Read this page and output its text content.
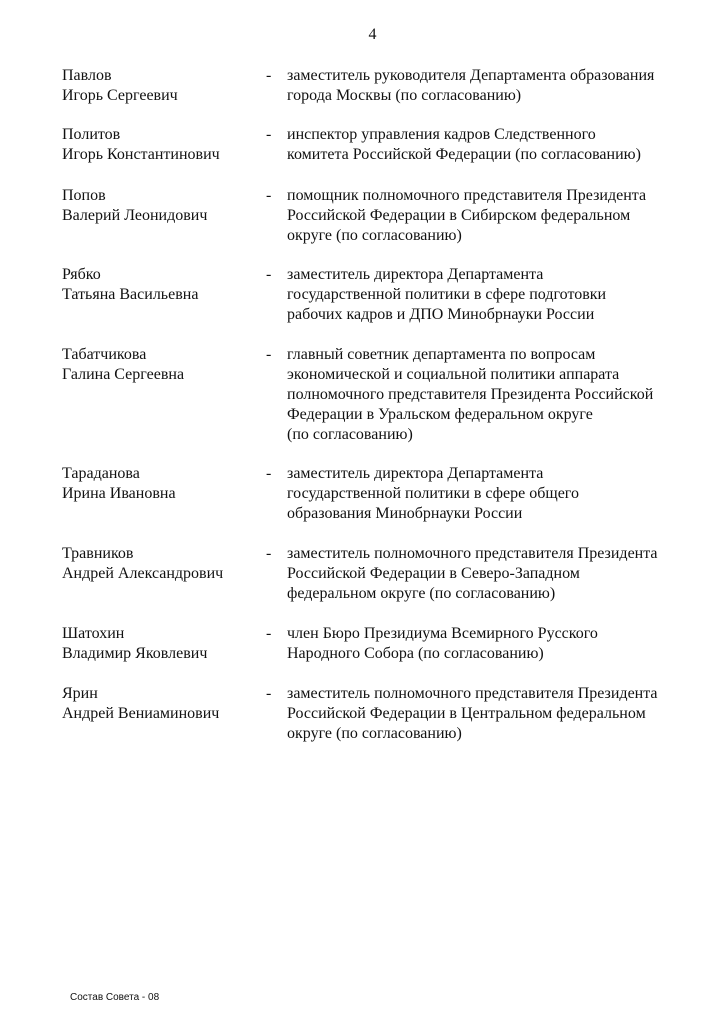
4
Павлов
Игорь Сергеевич
- заместитель руководителя Департамента образования
города Москвы (по согласованию)
Политов
Игорь Константинович
- инспектор управления кадров Следственного
комитета Российской Федерации (по согласованию)
Попов
Валерий Леонидович
- помощник полномочного представителя Президента
Российской Федерации в Сибирском федеральном
округе (по согласованию)
Рябко
Татьяна Васильевна
- заместитель директора Департамента
государственной политики в сфере подготовки
рабочих кадров и ДПО Минобрнауки России
Табатчикова
Галина Сергеевна
- главный советник департамента по вопросам
экономической и социальной политики аппарата
полномочного представителя Президента Российской
Федерации в Уральском федеральном округе
(по согласованию)
Тараданова
Ирина Ивановна
- заместитель директора Департамента
государственной политики в сфере общего
образования Минобрнауки России
Травников
Андрей Александрович
- заместитель полномочного представителя Президента
Российской Федерации в Северо-Западном
федеральном округе (по согласованию)
Шатохин
Владимир Яковлевич
- член Бюро Президиума Всемирного Русского
Народного Собора (по согласованию)
Ярин
Андрей Вениаминович
- заместитель полномочного представителя Президента
Российской Федерации в Центральном федеральном
округе (по согласованию)
Состав Совета - 08
